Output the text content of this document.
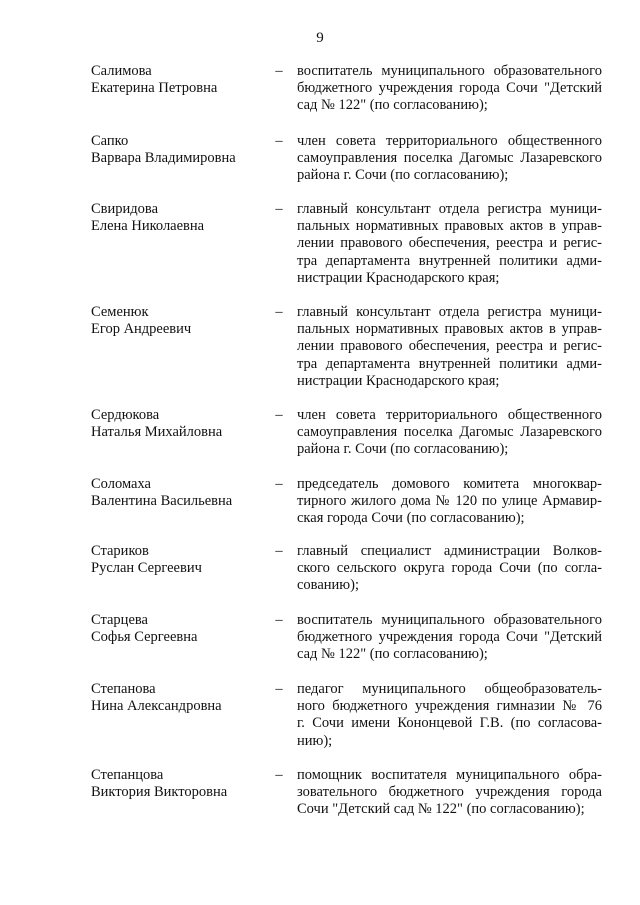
9
Салимова
Екатерина Петровна
– воспитатель муниципального образовательного
бюджетного учреждения города Сочи "Детский
сад № 122" (по согласованию);
Сапко
Варвара Владимировна
– член совета территориального общественного
самоуправления поселка Дагомыс Лазаревского
района г. Сочи (по согласованию);
Свиридова
Елена Николаевна
– главный консультант отдела регистра муници-
пальных нормативных правовых актов в управ-
лении правового обеспечения, реестра и регис-
тра департамента внутренней политики адми-
нистрации Краснодарского края;
Семенюк
Егор Андреевич
– главный консультант отдела регистра муници-
пальных нормативных правовых актов в управ-
лении правового обеспечения, реестра и регис-
тра департамента внутренней политики адми-
нистрации Краснодарского края;
Сердюкова
Наталья Михайловна
– член совета территориального общественного
самоуправления поселка Дагомыс Лазаревского
района г. Сочи (по согласованию);
Соломаха
Валентина Васильевна
– председатель домового комитета многоквар-
тирного жилого дома № 120 по улице Армавир-
ская города Сочи (по согласованию);
Стариков
Руслан Сергеевич
– главный специалист администрации Волков-
ского сельского округа города Сочи (по согла-
сованию);
Старцева
Софья Сергеевна
– воспитатель муниципального образовательного
бюджетного учреждения города Сочи "Детский
сад № 122" (по согласованию);
Степанова
Нина Александровна
– педагог муниципального общеобразователь-
ного бюджетного учреждения гимназии № 76
г. Сочи имени Кононцевой Г.В. (по согласова-
нию);
Степанцова
Виктория Викторовна
– помощник воспитателя муниципального обра-
зовательного бюджетного учреждения города
Сочи "Детский сад № 122" (по согласованию);
